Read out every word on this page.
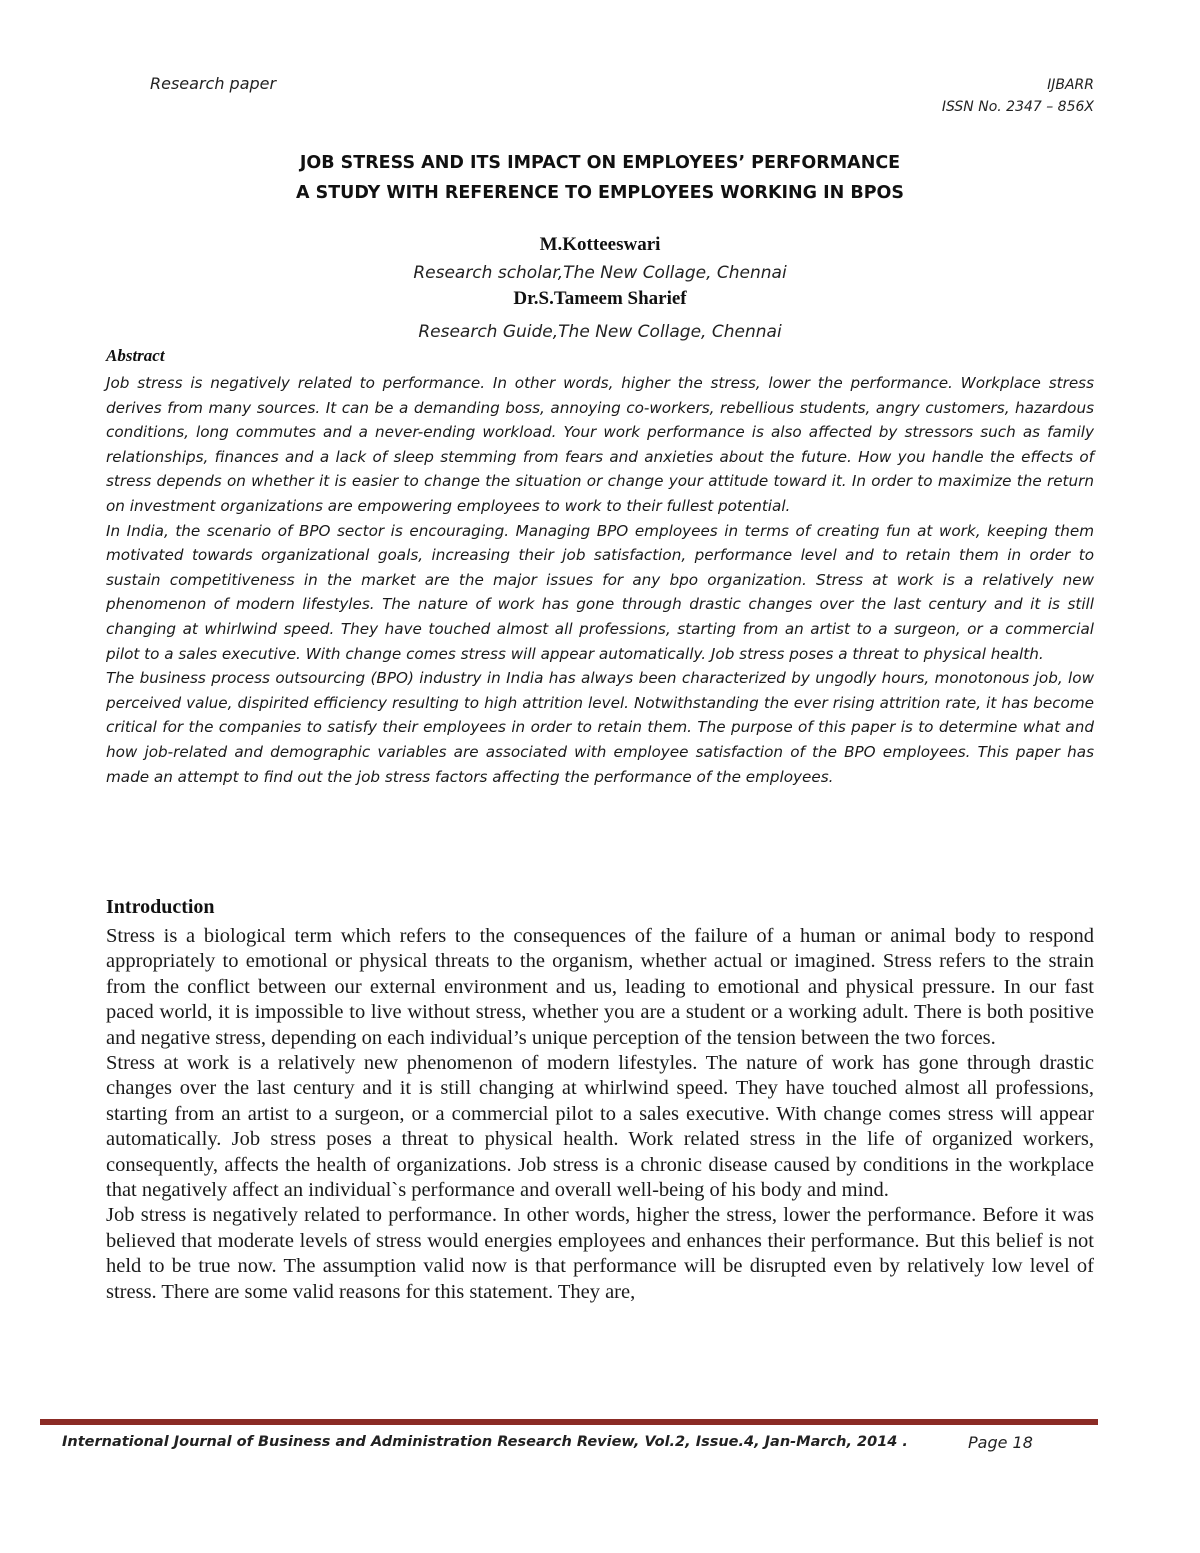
Research paper	IJBARR
ISSN No. 2347 – 856X
JOB STRESS AND ITS IMPACT ON EMPLOYEES’ PERFORMANCE
A STUDY WITH REFERENCE TO EMPLOYEES WORKING IN BPOS
M.Kotteeswari
Research scholar,The New Collage, Chennai
Dr.S.Tameem Sharief
Research Guide,The New Collage, Chennai
Abstract

Job stress is negatively related to performance. In other words, higher the stress, lower the performance. Workplace stress derives from many sources. It can be a demanding boss, annoying co-workers, rebellious students, angry customers, hazardous conditions, long commutes and a never-ending workload. Your work performance is also affected by stressors such as family relationships, finances and a lack of sleep stemming from fears and anxieties about the future. How you handle the effects of stress depends on whether it is easier to change the situation or change your attitude toward it. In order to maximize the return on investment organizations are empowering employees to work to their fullest potential.

In India, the scenario of BPO sector is encouraging. Managing BPO employees in terms of creating fun at work, keeping them motivated towards organizational goals, increasing their job satisfaction, performance level and to retain them in order to sustain competitiveness in the market are the major issues for any bpo organization. Stress at work is a relatively new phenomenon of modern lifestyles. The nature of work has gone through drastic changes over the last century and it is still changing at whirlwind speed. They have touched almost all professions, starting from an artist to a surgeon, or a commercial pilot to a sales executive. With change comes stress will appear automatically. Job stress poses a threat to physical health.

The business process outsourcing (BPO) industry in India has always been characterized by ungodly hours, monotonous job, low perceived value, dispirited efficiency resulting to high attrition level. Notwithstanding the ever rising attrition rate, it has become critical for the companies to satisfy their employees in order to retain them. The purpose of this paper is to determine what and how job-related and demographic variables are associated with employee satisfaction of the BPO employees. This paper has made an attempt to find out the job stress factors affecting the performance of the employees.

Introduction

Stress is a biological term which refers to the consequences of the failure of a human or animal body to respond appropriately to emotional or physical threats to the organism, whether actual or imagined. Stress refers to the strain from the conflict between our external environment and us, leading to emotional and physical pressure. In our fast paced world, it is impossible to live without stress, whether you are a student or a working adult. There is both positive and negative stress, depending on each individual’s unique perception of the tension between the two forces.

Stress at work is a relatively new phenomenon of modern lifestyles. The nature of work has gone through drastic changes over the last century and it is still changing at whirlwind speed. They have touched almost all professions, starting from an artist to a surgeon, or a commercial pilot to a sales executive. With change comes stress will appear automatically. Job stress poses a threat to physical health. Work related stress in the life of organized workers, consequently, affects the health of organizations. Job stress is a chronic disease caused by conditions in the workplace that negatively affect an individual`s performance and overall well-being of his body and mind.

Job stress is negatively related to performance. In other words, higher the stress, lower the performance. Before it was believed that moderate levels of stress would energies employees and enhances their performance. But this belief is not held to be true now. The assumption valid now is that performance will be disrupted even by relatively low level of stress. There are some valid reasons for this statement. They are,

International Journal of Business and Administration Research Review, Vol.2, Issue.4, Jan-March, 2014 .	Page 18
